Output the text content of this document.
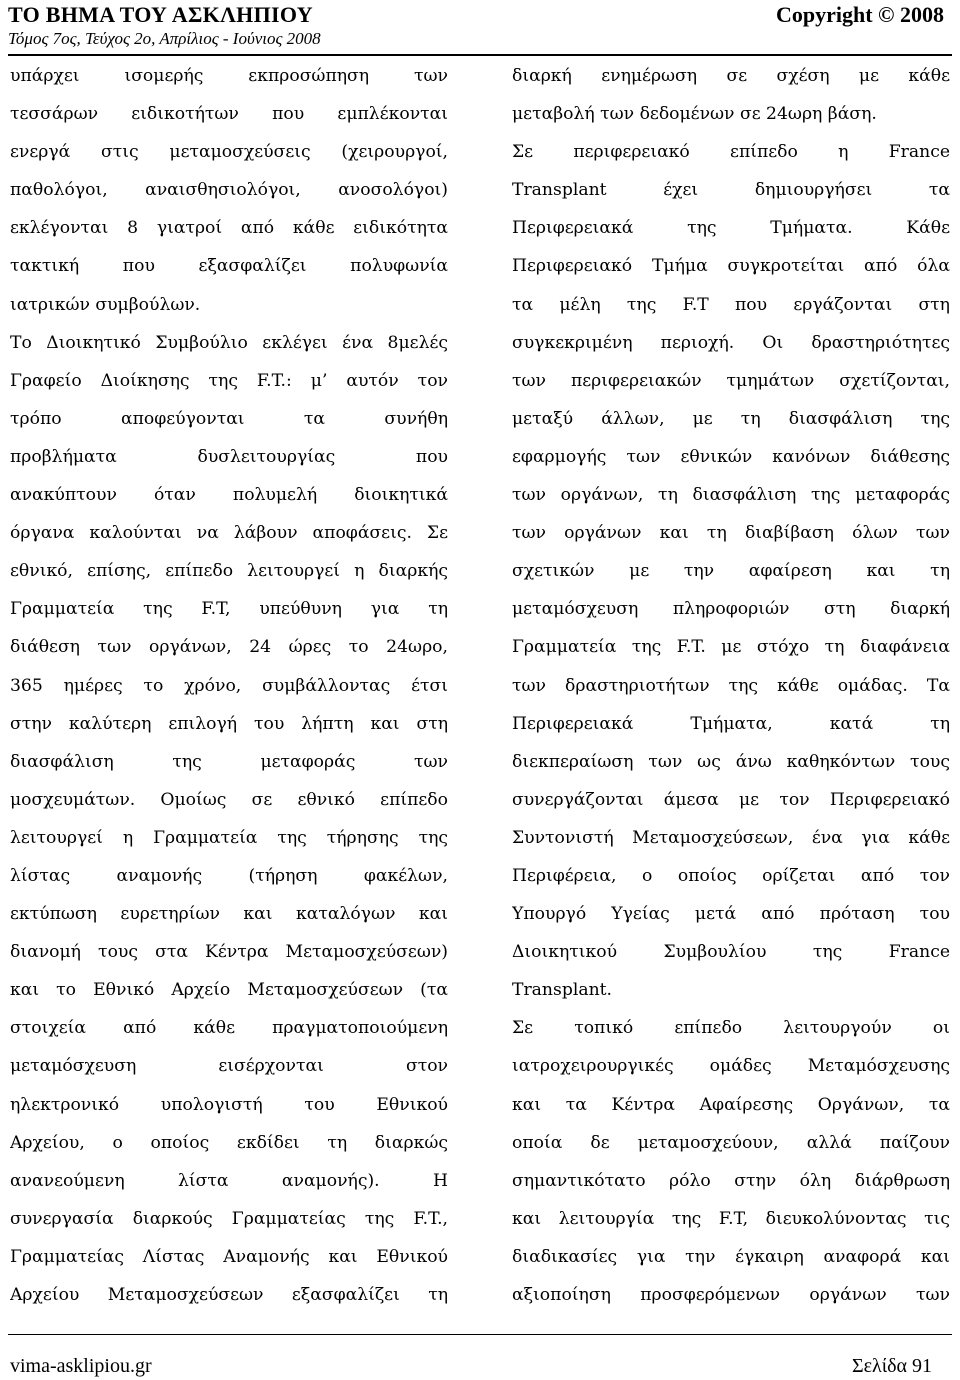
ΤΟ ΒΗΜΑ ΤΟΥ ΑΣΚΛΗΠΙΟΥ	Copyright © 2008
Τόμος 7ος, Τεύχος 2ο, Απρίλιος - Ιούνιος 2008
υπάρχει ισομερής εκπροσώπηση των
τεσσάρων ειδικοτήτων που εμπλέκονται
ενεργά στις μεταμοσχεύσεις (χειρουργοί,
παθολόγοι, αναισθησιολόγοι, ανοσολόγοι)
εκλέγονται 8 γιατροί από κάθε ειδικότητα
τακτική που εξασφαλίζει πολυφωνία
ιατρικών συμβούλων.
Το Διοικητικό Συμβούλιο εκλέγει ένα 8μελές
Γραφείο Διοίκησης της F.T.: μ’ αυτόν τον
τρόπο αποφεύγονται τα συνήθη
προβλήματα δυσλειτουργίας που
ανακύπτουν όταν πολυμελή διοικητικά
όργανα καλούνται να λάβουν αποφάσεις. Σε
εθνικό, επίσης, επίπεδο λειτουργεί η διαρκής
Γραμματεία της F.T, υπεύθυνη για τη
διάθεση των οργάνων, 24 ώρες το 24ωρο,
365 ημέρες το χρόνο, συμβάλλοντας έτσι
στην καλύτερη επιλογή του λήπτη και στη
διασφάλιση της μεταφοράς των
μοσχευμάτων. Ομοίως σε εθνικό επίπεδο
λειτουργεί η Γραμματεία της τήρησης της
λίστας αναμονής (τήρηση φακέλων,
εκτύπωση ευρετηρίων και καταλόγων και
διανομή τους στα Κέντρα Μεταμοσχεύσεων)
και το Εθνικό Αρχείο Μεταμοσχεύσεων (τα
στοιχεία από κάθε πραγματοποιούμενη
μεταμόσχευση εισέρχονται στον
ηλεκτρονικό υπολογιστή του Εθνικού
Αρχείου, ο οποίος εκδίδει τη διαρκώς
ανανεούμενη λίστα αναμονής). Η
συνεργασία διαρκούς Γραμματείας της F.T.,
Γραμματείας Λίστας Αναμονής και Εθνικού
Αρχείου Μεταμοσχεύσεων εξασφαλίζει τη
διαρκή ενημέρωση σε σχέση με κάθε
μεταβολή των δεδομένων σε 24ωρη βάση.
Σε περιφερειακό επίπεδο η France
Transplant έχει δημιουργήσει τα
Περιφερειακά της Τμήματα. Κάθε
Περιφερειακό Τμήμα συγκροτείται από όλα
τα μέλη της F.T που εργάζονται στη
συγκεκριμένη περιοχή. Οι δραστηριότητες
των περιφερειακών τμημάτων σχετίζονται,
μεταξύ άλλων, με τη διασφάλιση της
εφαρμογής των εθνικών κανόνων διάθεσης
των οργάνων, τη διασφάλιση της μεταφοράς
των οργάνων και τη διαβίβαση όλων των
σχετικών με την αφαίρεση και τη
μεταμόσχευση πληροφοριών στη διαρκή
Γραμματεία της F.T. με στόχο τη διαφάνεια
των δραστηριοτήτων της κάθε ομάδας. Τα
Περιφερειακά Τμήματα, κατά τη
διεκπεραίωση των ως άνω καθηκόντων τους
συνεργάζονται άμεσα με τον Περιφερειακό
Συντονιστή Μεταμοσχεύσεων, ένα για κάθε
Περιφέρεια, ο οποίος ορίζεται από τον
Υπουργό Υγείας μετά από πρόταση του
Διοικητικού Συμβουλίου της France
Transplant.
Σε τοπικό επίπεδο λειτουργούν οι
ιατροχειρουργικές ομάδες Μεταμόσχευσης
και τα Κέντρα Αφαίρεσης Οργάνων, τα
οποία δε μεταμοσχεύουν, αλλά παίζουν
σημαντικότατο ρόλο στην όλη διάρθρωση
και λειτουργία της F.T, διευκολύνοντας τις
διαδικασίες για την έγκαιρη αναφορά και
αξιοποίηση προσφερόμενων οργάνων των
vima-asklipiou.gr	Σελίδα 91
